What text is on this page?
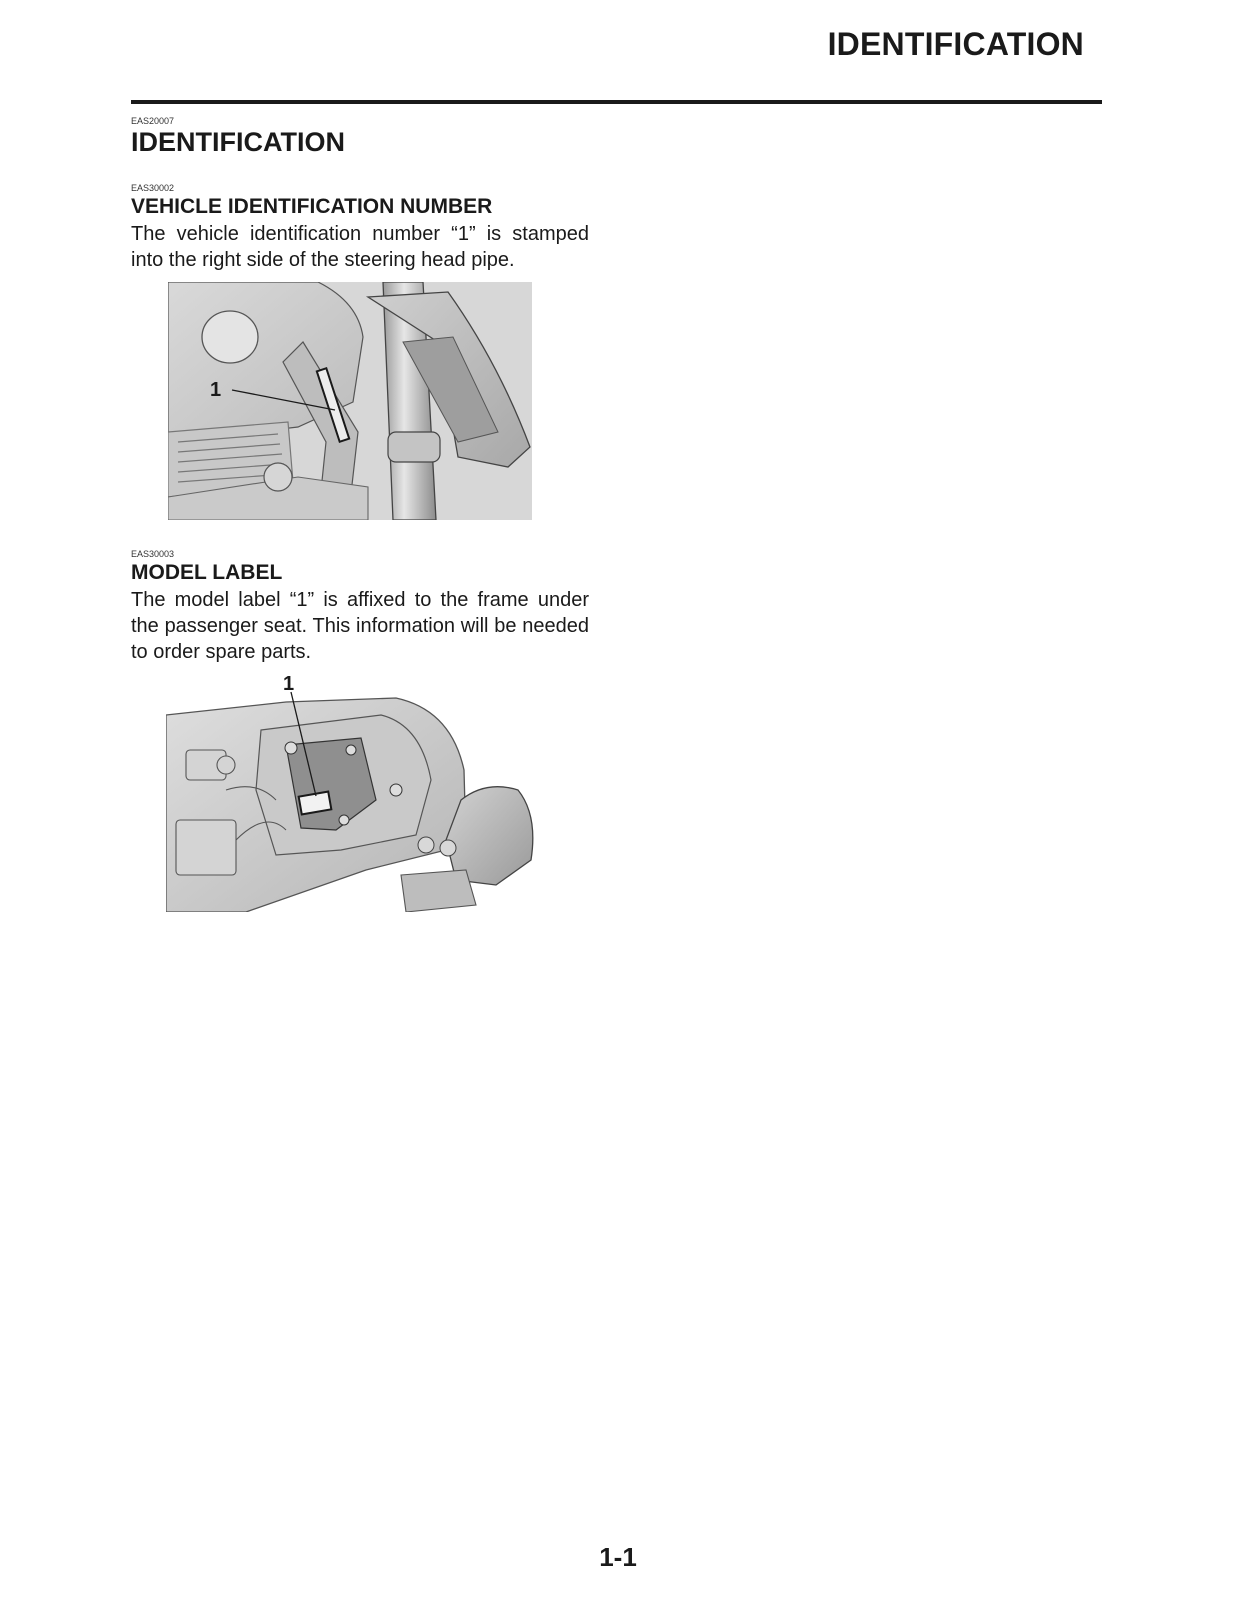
IDENTIFICATION

EAS20007

IDENTIFICATION

EAS30002

VEHICLE IDENTIFICATION NUMBER

The vehicle identification number “1” is stamped into the right side of the steering head pipe.

1

EAS30003

MODEL LABEL

The model label “1” is affixed to the frame under the passenger seat. This information will be needed to order spare parts.

1

1-1
